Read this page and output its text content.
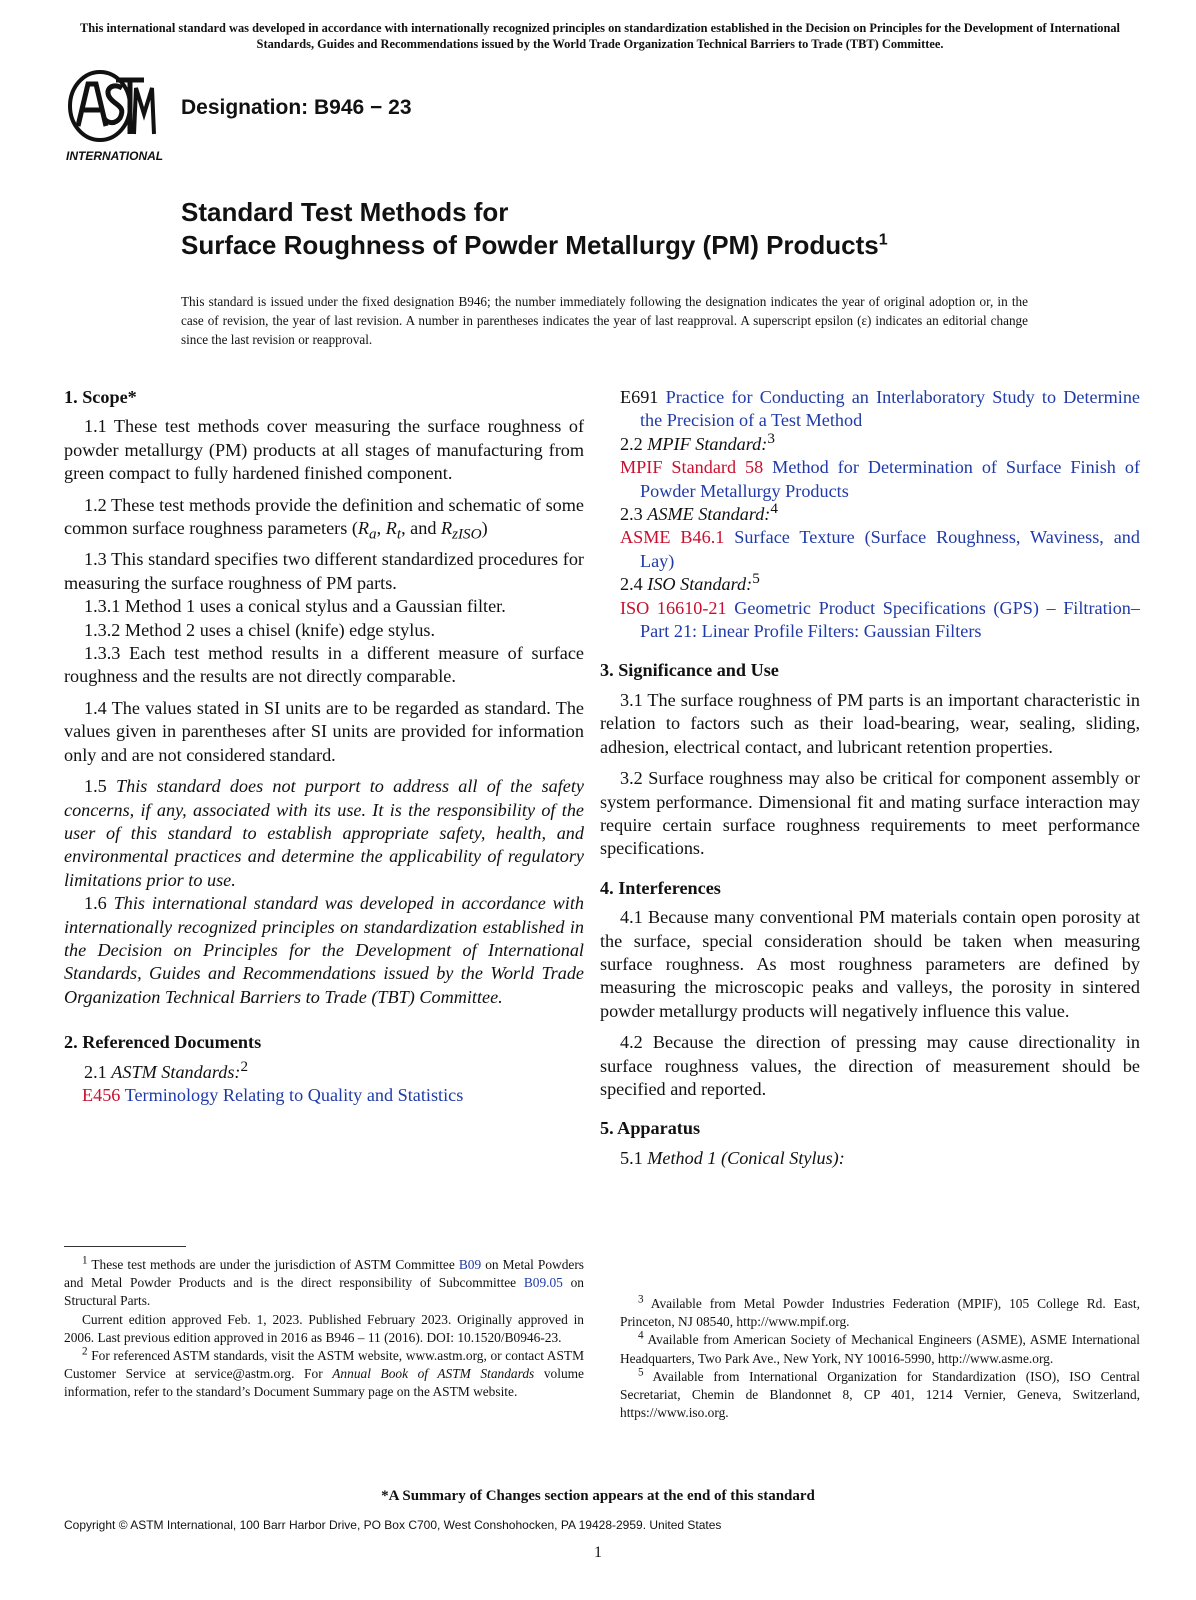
This international standard was developed in accordance with internationally recognized principles on standardization established in the Decision on Principles for the Development of International Standards, Guides and Recommendations issued by the World Trade Organization Technical Barriers to Trade (TBT) Committee.
INTERNATIONAL
Designation: B946 − 23
Standard Test Methods for
Surface Roughness of Powder Metallurgy (PM) Products$^1$
This standard is issued under the fixed designation B946; the number immediately following the designation indicates the year of original adoption or, in the case of revision, the year of last revision. A number in parentheses indicates the year of last reapproval. A superscript epsilon (ε) indicates an editorial change since the last revision or reapproval.

1. Scope*

1.1 These test methods cover measuring the surface roughness of powder metallurgy (PM) products at all stages of manufacturing from green compact to fully hardened finished component.

1.2 These test methods provide the definition and schematic of some common surface roughness parameters ($R_a$, $R_t$, and $R_{zISO}$)

1.3 This standard specifies two different standardized procedures for measuring the surface roughness of PM parts.

1.3.1 Method 1 uses a conical stylus and a Gaussian filter.

1.3.2 Method 2 uses a chisel (knife) edge stylus.

1.3.3 Each test method results in a different measure of surface roughness and the results are not directly comparable.

1.4 The values stated in SI units are to be regarded as standard. The values given in parentheses after SI units are provided for information only and are not considered standard.

1.5 This standard does not purport to address all of the safety concerns, if any, associated with its use. It is the responsibility of the user of this standard to establish appropriate safety, health, and environmental practices and determine the applicability of regulatory limitations prior to use.

1.6 This international standard was developed in accordance with internationally recognized principles on standardization established in the Decision on Principles for the Development of International Standards, Guides and Recommendations issued by the World Trade Organization Technical Barriers to Trade (TBT) Committee.

2. Referenced Documents

2.1 ASTM Standards:$^2$

E456 Terminology Relating to Quality and Statistics

E691 Practice for Conducting an Interlaboratory Study to Determine the Precision of a Test Method

2.2 MPIF Standard:$^3$

MPIF Standard 58 Method for Determination of Surface Finish of Powder Metallurgy Products

2.3 ASME Standard:$^4$

ASME B46.1 Surface Texture (Surface Roughness, Waviness, and Lay)

2.4 ISO Standard:$^5$

ISO 16610-21 Geometric Product Specifications (GPS) – Filtration–Part 21: Linear Profile Filters: Gaussian Filters

3. Significance and Use

3.1 The surface roughness of PM parts is an important characteristic in relation to factors such as their load-bearing, wear, sealing, sliding, adhesion, electrical contact, and lubricant retention properties.

3.2 Surface roughness may also be critical for component assembly or system performance. Dimensional fit and mating surface interaction may require certain surface roughness requirements to meet performance specifications.

4. Interferences

4.1 Because many conventional PM materials contain open porosity at the surface, special consideration should be taken when measuring surface roughness. As most roughness parameters are defined by measuring the microscopic peaks and valleys, the porosity in sintered powder metallurgy products will negatively influence this value.

4.2 Because the direction of pressing may cause directionality in surface roughness values, the direction of measurement should be specified and reported.

5. Apparatus

5.1 Method 1 (Conical Stylus):

$^1$ These test methods are under the jurisdiction of ASTM Committee B09 on Metal Powders and Metal Powder Products and is the direct responsibility of Subcommittee B09.05 on Structural Parts.

Current edition approved Feb. 1, 2023. Published February 2023. Originally approved in 2006. Last previous edition approved in 2016 as B946 – 11 (2016). DOI: 10.1520/B0946-23.

$^2$ For referenced ASTM standards, visit the ASTM website, www.astm.org, or contact ASTM Customer Service at service@astm.org. For Annual Book of ASTM Standards volume information, refer to the standard’s Document Summary page on the ASTM website.

$^3$ Available from Metal Powder Industries Federation (MPIF), 105 College Rd. East, Princeton, NJ 08540, http://www.mpif.org.

$^4$ Available from American Society of Mechanical Engineers (ASME), ASME International Headquarters, Two Park Ave., New York, NY 10016-5990, http://www.asme.org.

$^5$ Available from International Organization for Standardization (ISO), ISO Central Secretariat, Chemin de Blandonnet 8, CP 401, 1214 Vernier, Geneva, Switzerland, https://www.iso.org.

*A Summary of Changes section appears at the end of this standard
Copyright © ASTM International, 100 Barr Harbor Drive, PO Box C700, West Conshohocken, PA 19428-2959. United States
1
